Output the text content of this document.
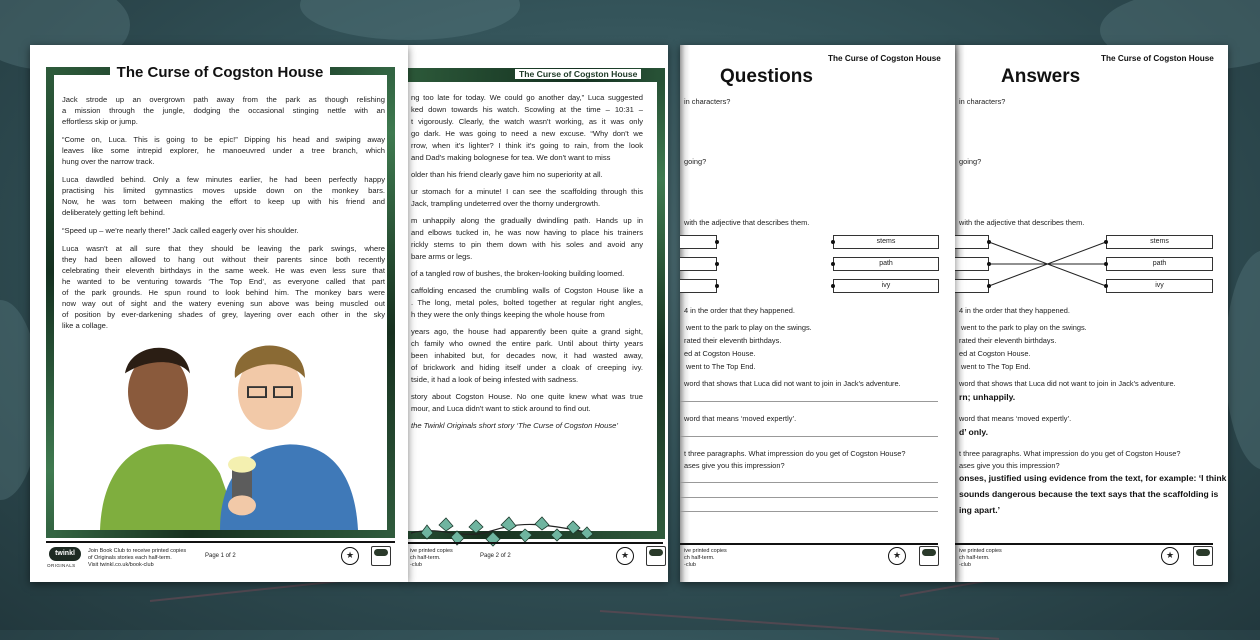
The Curse of Cogston House
Answers
in characters?
going?
with the adjective that describes them.
stems
path
ivy
4 in the order that they happened.
went to the park to play on the swings.
rated their eleventh birthdays.
ed at Cogston House.
went to The Top End.
word that shows that Luca did not want to join in Jack's adventure.
rn; unhappily.
word that means ‘moved expertly’.
d’ only.
t three paragraphs. What impression do you get of Cogston House?
ases give you this impression?
onses, justified using evidence from the text, for example: ‘I think
sounds dangerous because the text says that the scaffolding is
ing apart.’
ive printed copies
ch half-term.
-club
★
The Curse of Cogston House
Questions
in characters?
going?
with the adjective that describes them.
stems
path
ivy
4 in the order that they happened.
went to the park to play on the swings.
rated their eleventh birthdays.
ed at Cogston House.
went to The Top End.
word that shows that Luca did not want to join in Jack's adventure.
word that means ‘moved expertly’.
t three paragraphs. What impression do you get of Cogston House?
ases give you this impression?
ive printed copies
ch half-term.
-club
★
The Curse of Cogston House
ng too late for today. We could go another day,” Luca suggested
ked down towards his watch. Scowling at the time – 10:31 –
t vigorously. Clearly, the watch wasn't working, as it was only
go dark. He was going to need a new excuse. “Why don't we
rrow, when it's lighter? I think it's going to rain, from the look
and Dad's making bolognese for tea. We don't want to miss
older than his friend clearly gave him no superiority at all.
ur stomach for a minute! I can see the scaffolding through this
Jack, trampling undeterred over the thorny undergrowth.
m unhappily along the gradually dwindling path. Hands up in
and elbows tucked in, he was now having to place his trainers
rickly stems to pin them down with his soles and avoid any
bare arms or legs.
of a tangled row of bushes, the broken-looking building loomed.
caffolding encased the crumbling walls of Cogston House like a
. The long, metal poles, bolted together at regular right angles,
h they were the only things keeping the whole house from
years ago, the house had apparently been quite a grand sight,
ch family who owned the entire park. Until about thirty years
been inhabited but, for decades now, it had wasted away,
of brickwork and hiding itself under a cloak of creeping ivy.
tside, it had a look of being infested with sadness.
story about Cogston House. No one quite knew what was true
mour, and Luca didn't want to stick around to find out.
the Twinkl Originals short story ‘The Curse of Cogston House’
ive printed copies
ch half-term.
-club
Page 2 of 2	★
The Curse of Cogston House
Jack strode up an overgrown path away from the park as though relishing
a mission through the jungle, dodging the occasional stinging nettle with an
effortless skip or jump.
“Come on, Luca. This is going to be epic!” Dipping his head and swiping away
leaves like some intrepid explorer, he manoeuvred under a tree branch, which
hung over the narrow track.
Luca dawdled behind. Only a few minutes earlier, he had been perfectly happy
practising his limited gymnastics moves upside down on the monkey bars.
Now, he was torn between making the effort to keep up with his friend and
deliberately getting left behind.
“Speed up – we're nearly there!” Jack called eagerly over his shoulder.
Luca wasn't at all sure that they should be leaving the park swings, where
they had been allowed to hang out without their parents since both recently
celebrating their eleventh birthdays in the same week. He was even less sure that
he wanted to be venturing towards ‘The Top End’, as everyone called that part
of the park grounds. He spun round to look behind him. The monkey bars were
now way out of sight and the watery evening sun above was being muscled out
of position by ever-darkening shades of grey, layering over each other in the sky
like a collage.
twinkl
ORIGINALS
Join Book Club to receive printed copies
of Originals stories each half-term.
Visit twinkl.co.uk/book-club
Page 1 of 2	★
